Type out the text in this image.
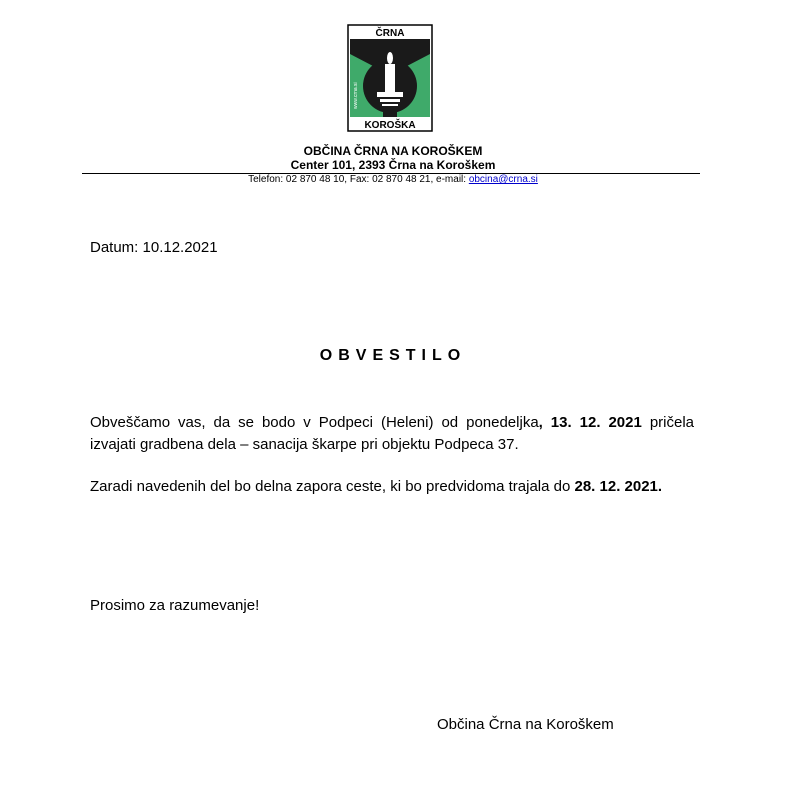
ČRNA
www.crna.si
KOROŠKA
OBČINA ČRNA NA KOROŠKEM
Center 101, 2393 Črna na Koroškem
Telefon: 02 870 48 10, Fax: 02 870 48 21, e-mail: obcina@crna.si
Datum: 10.12.2021
OBVESTILO
Obveščamo vas, da se bodo v Podpeci (Heleni) od ponedeljka, 13. 12. 2021 pričela izvajati gradbena dela – sanacija škarpe pri objektu Podpeca 37.
Zaradi navedenih del bo delna zapora ceste, ki bo predvidoma trajala do 28. 12. 2021.
Prosimo za razumevanje!
Občina Črna na Koroškem
